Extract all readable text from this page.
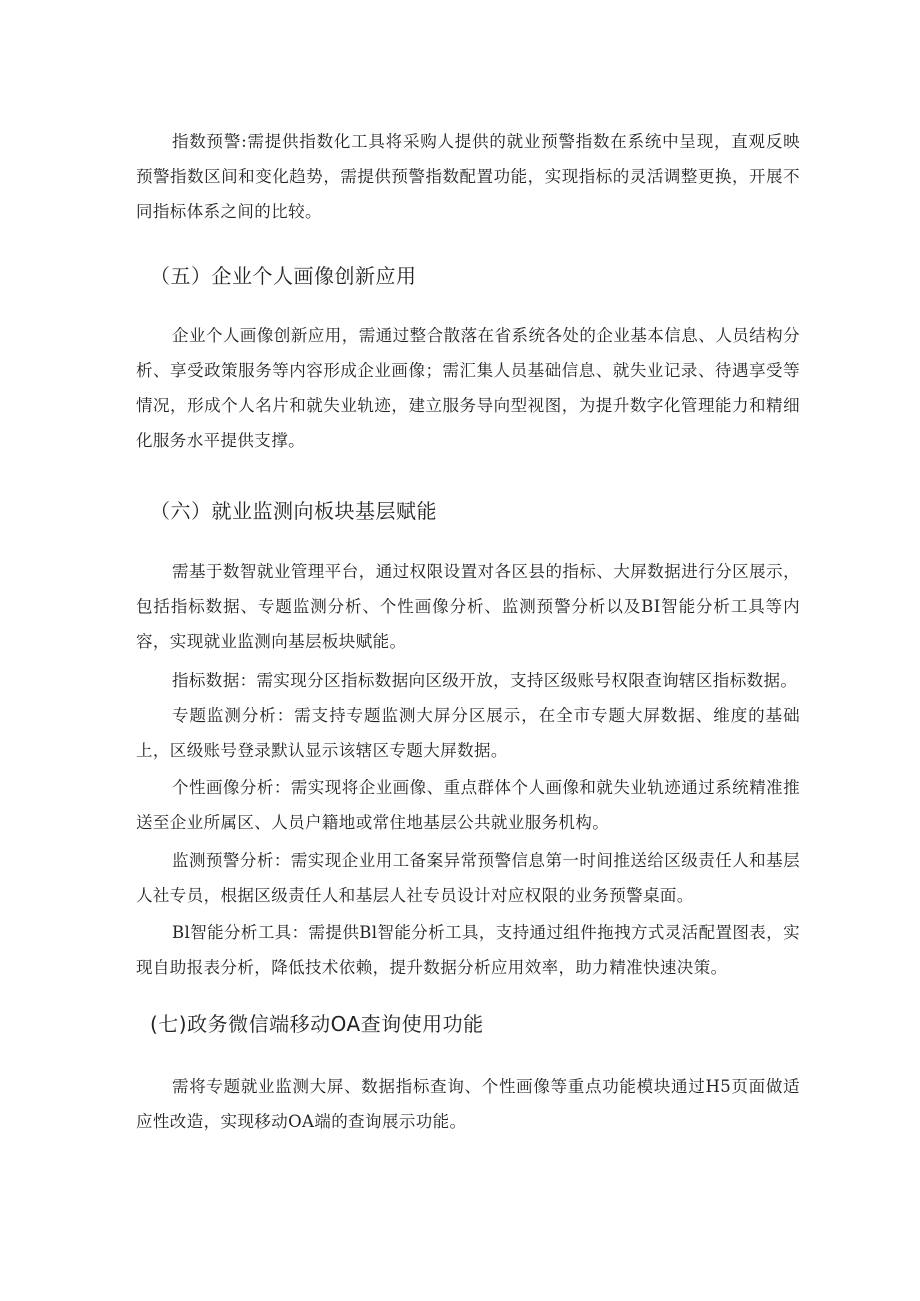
指数预警:需提供指数化工具将采购人提供的就业预警指数在系统中呈现，直观反映预警指数区间和变化趋势，需提供预警指数配置功能，实现指标的灵活调整更换，开展不同指标体系之间的比较。

（五）企业个人画像创新应用

企业个人画像创新应用，需通过整合散落在省系统各处的企业基本信息、人员结构分析、享受政策服务等内容形成企业画像；需汇集人员基础信息、就失业记录、待遇享受等情况，形成个人名片和就失业轨迹，建立服务导向型视图，为提升数字化管理能力和精细化服务水平提供支撑。

（六）就业监测向板块基层赋能

需基于数智就业管理平台，通过权限设置对各区县的指标、大屏数据进行分区展示，包括指标数据、专题监测分析、个性画像分析、监测预警分析以及BI智能分析工具等内容，实现就业监测向基层板块赋能。

指标数据：需实现分区指标数据向区级开放，支持区级账号权限查询辖区指标数据。

专题监测分析：需支持专题监测大屏分区展示，在全市专题大屏数据、维度的基础上，区级账号登录默认显示该辖区专题大屏数据。

个性画像分析：需实现将企业画像、重点群体个人画像和就失业轨迹通过系统精准推送至企业所属区、人员户籍地或常住地基层公共就业服务机构。

监测预警分析：需实现企业用工备案异常预警信息第一时间推送给区级责任人和基层人社专员，根据区级责任人和基层人社专员设计对应权限的业务预警桌面。

Bl智能分析工具：需提供Bl智能分析工具，支持通过组件拖拽方式灵活配置图表，实现自助报表分析，降低技术依赖，提升数据分析应用效率，助力精准快速决策。

(七)政务微信端移动OA查询使用功能

需将专题就业监测大屏、数据指标查询、个性画像等重点功能模块通过H5页面做适应性改造，实现移动OA端的查询展示功能。
